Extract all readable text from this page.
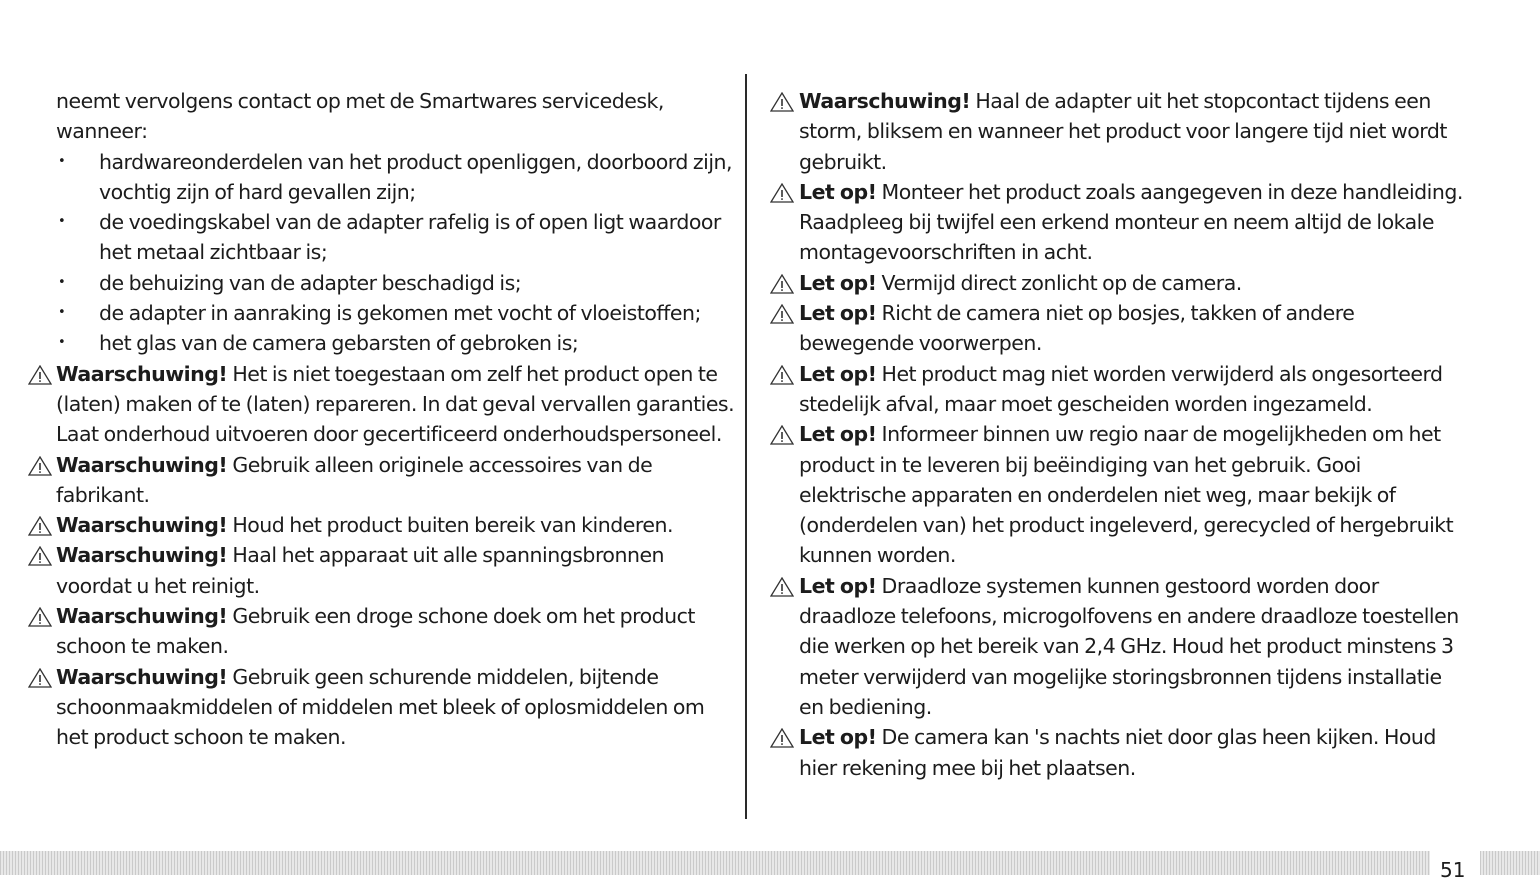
neemt vervolgens contact op met de Smartwares servicedesk, wanneer:

• hardwareonderdelen van het product openliggen, doorboord zijn, vochtig zijn of hard gevallen zijn;
• de voedingskabel van de adapter rafelig is of open ligt waardoor het metaal zichtbaar is;
• de behuizing van de adapter beschadigd is;
• de adapter in aanraking is gekomen met vocht of vloeistoffen;
• het glas van de camera gebarsten of gebroken is;
Waarschuwing! Het is niet toegestaan om zelf het product open te (laten) maken of te (laten) repareren. In dat geval vervallen garanties. Laat onderhoud uitvoeren door gecertificeerd onderhoudspersoneel.
Waarschuwing! Gebruik alleen originele accessoires van de fabrikant.
Waarschuwing! Houd het product buiten bereik van kinderen.
Waarschuwing! Haal het apparaat uit alle spanningsbronnen voordat u het reinigt.
Waarschuwing! Gebruik een droge schone doek om het product schoon te maken.
Waarschuwing! Gebruik geen schurende middelen, bijtende schoonmaakmiddelen of middelen met bleek of oplosmiddelen om het product schoon te maken.
Waarschuwing! Haal de adapter uit het stopcontact tijdens een storm, bliksem en wanneer het product voor langere tijd niet wordt gebruikt.
Let op! Monteer het product zoals aangegeven in deze handleiding. Raadpleeg bij twijfel een erkend monteur en neem altijd de lokale montagevoorschriften in acht.
Let op! Vermijd direct zonlicht op de camera.
Let op! Richt de camera niet op bosjes, takken of andere bewegende voorwerpen.
Let op! Het product mag niet worden verwijderd als ongesorteerd stedelijk afval, maar moet gescheiden worden ingezameld.
Let op! Informeer binnen uw regio naar de mogelijkheden om het product in te leveren bij beëindiging van het gebruik. Gooi elektrische apparaten en onderdelen niet weg, maar bekijk of (onderdelen van) het product ingeleverd, gerecycled of hergebruikt kunnen worden.
Let op! Draadloze systemen kunnen gestoord worden door draadloze telefoons, microgolfovens en andere draadloze toestellen die werken op het bereik van 2,4 GHz. Houd het product minstens 3 meter verwijderd van mogelijke storingsbronnen tijdens installatie en bediening.
Let op! De camera kan 's nachts niet door glas heen kijken. Houd hier rekening mee bij het plaatsen.
51
